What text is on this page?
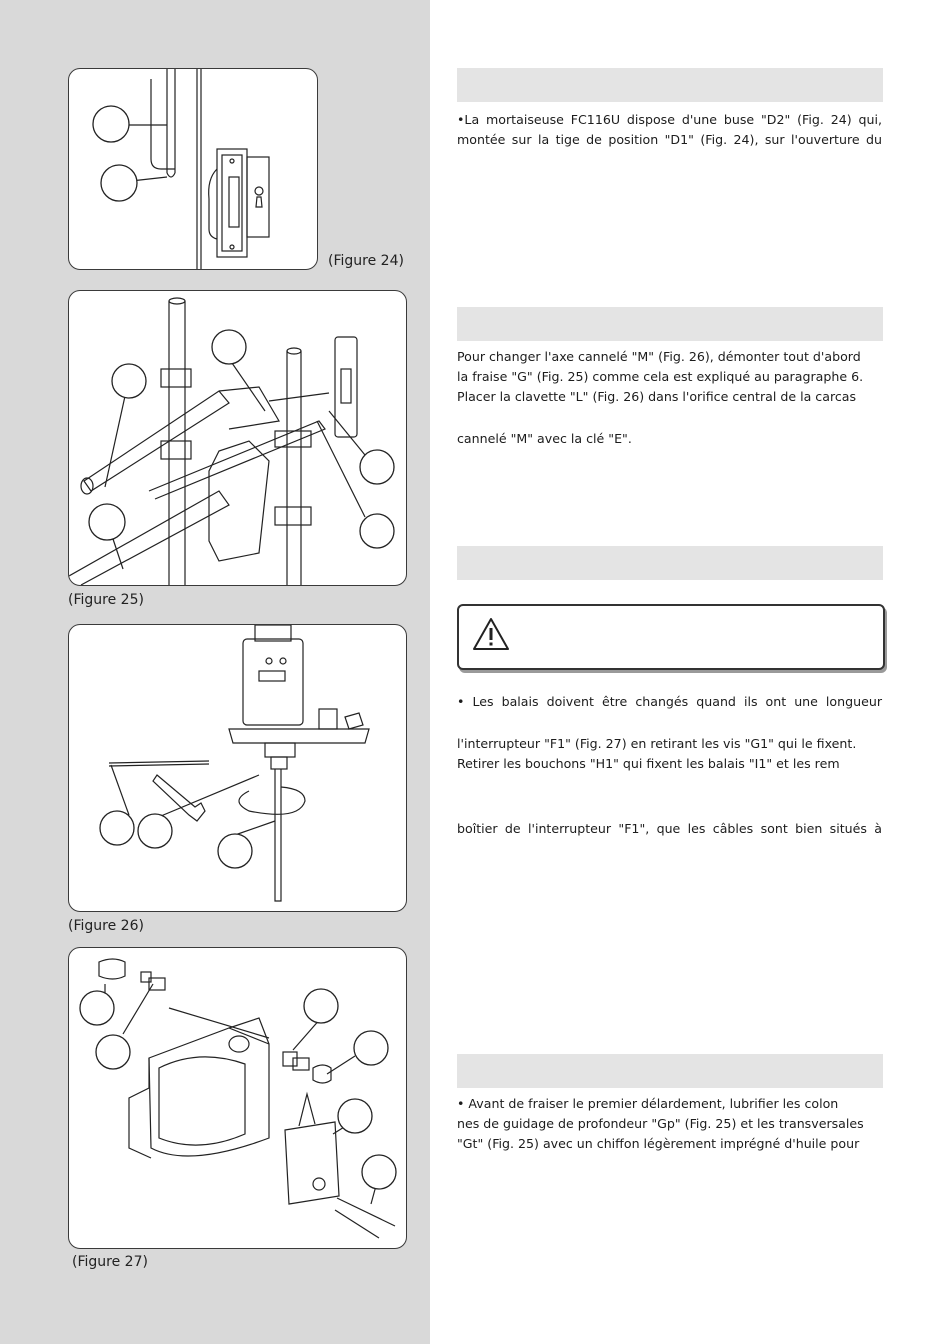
(Figure 24)
(Figure 25)
(Figure 26)
(Figure 27)

•La mortaiseuse FC116U dispose d'une buse "D2" (Fig. 24) qui,

montée sur la tige de position "D1" (Fig. 24), sur l'ouverture du

Pour changer l'axe cannelé "M" (Fig. 26), démonter tout d'abord

la fraise "G" (Fig. 25) comme cela est expliqué au paragraphe 6.

Placer la clavette "L" (Fig. 26) dans l'orifice central de la carcas

cannelé "M" avec la clé "E".

• Les balais doivent être changés quand ils ont une longueur

l'interrupteur "F1" (Fig. 27) en retirant les vis "G1" qui le fixent.

Retirer les bouchons "H1" qui fixent les balais "I1" et les rem

boîtier de l'interrupteur "F1", que les câbles sont bien situés à

• Avant de fraiser le premier délardement, lubrifier les colon

nes de guidage de profondeur "Gp" (Fig. 25) et les transversales

"Gt" (Fig. 25) avec un chiffon légèrement imprégné d'huile pour
